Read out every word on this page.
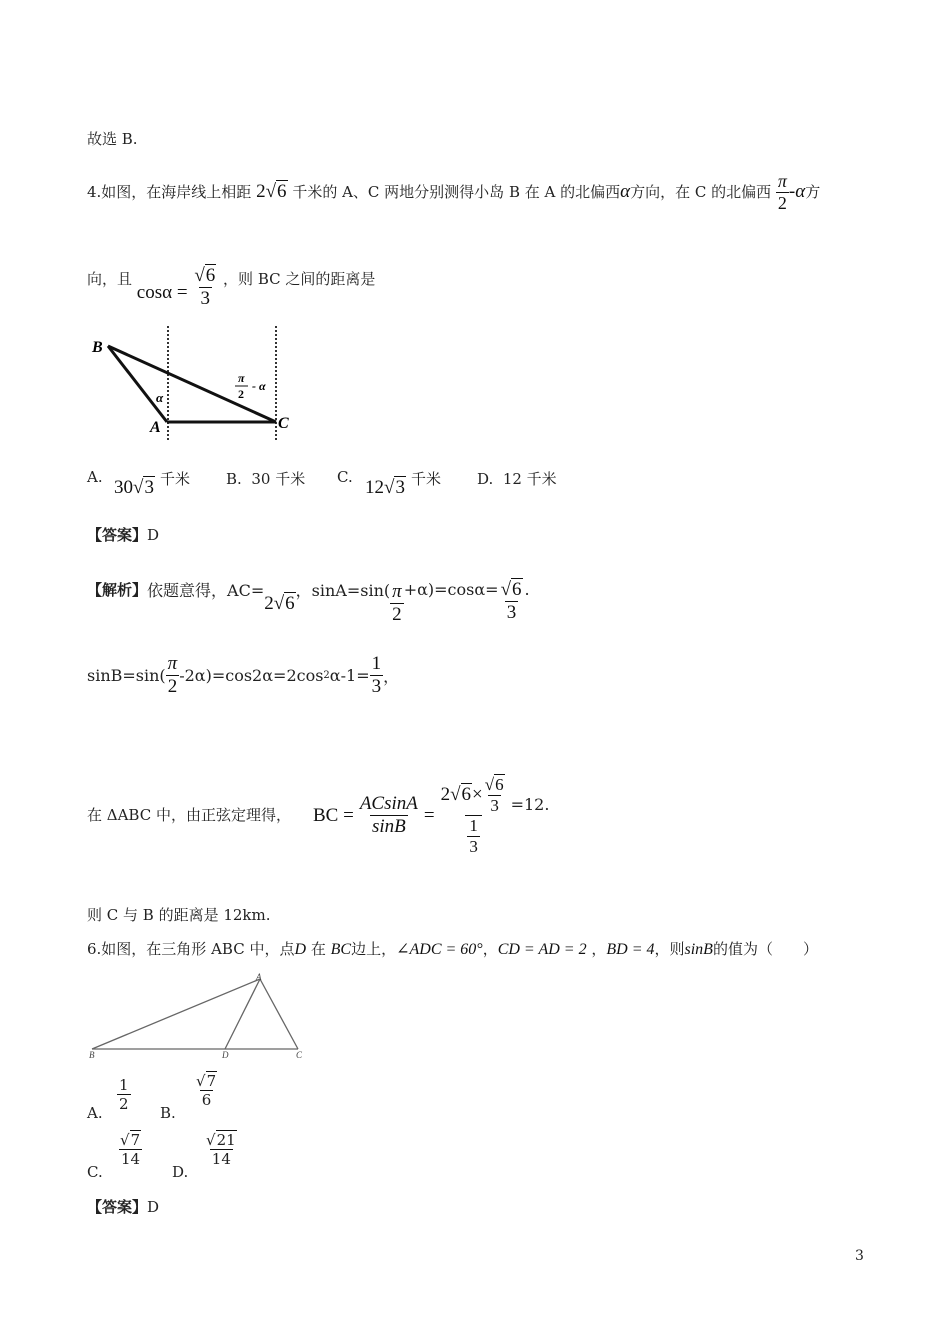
故选 B.
4.如图，在海岸线上相距 2√6 千米的 A、C 两地分别测得小岛 B 在 A 的北偏西α方向，在 C 的北偏西 $\frac{\pi}{2} -\alpha$方
向，且 $\cos\alpha = \frac{√6}{3}$ ，则 BC 之间的距离是
B
A	C
α
π
2
- α
A. 30√3 千米 B. 30 千米 C. 12√3 千米 D. 12 千米
【答案】D
【解析】 依题意得，AC=
2√6
，$\sin A=\sin( \frac{\pi}{2} +\alpha)=\cos\alpha= \frac{√6}{3}$ .
$\sin B=\sin( \frac{\pi}{2} -2\alpha)=\cos 2\alpha=2\cos$ 2 $\alpha-1= \frac{1}{3}$ ，
在 ΔABC 中，由正弦定理得， BC = $\frac{ACsinA}{\sin B} = \frac{2 √6 \times \frac{√6}{3}}{\frac{1}{3}} =12$.
则 C 与 B 的距离是 12km.
6.如图，在三角形 ABC 中，点D 在 BC边上，∠ADC = 60°，CD = AD = 2 ，BD = 4，则sinB的值为（　　）
A
B	D	C
A.
$\frac{1}{2}$
B.
$\frac{√7}{6}$
C.
$\frac{√7}{14}$
D.
$\frac{√21}{14}$
【答案】D
3
